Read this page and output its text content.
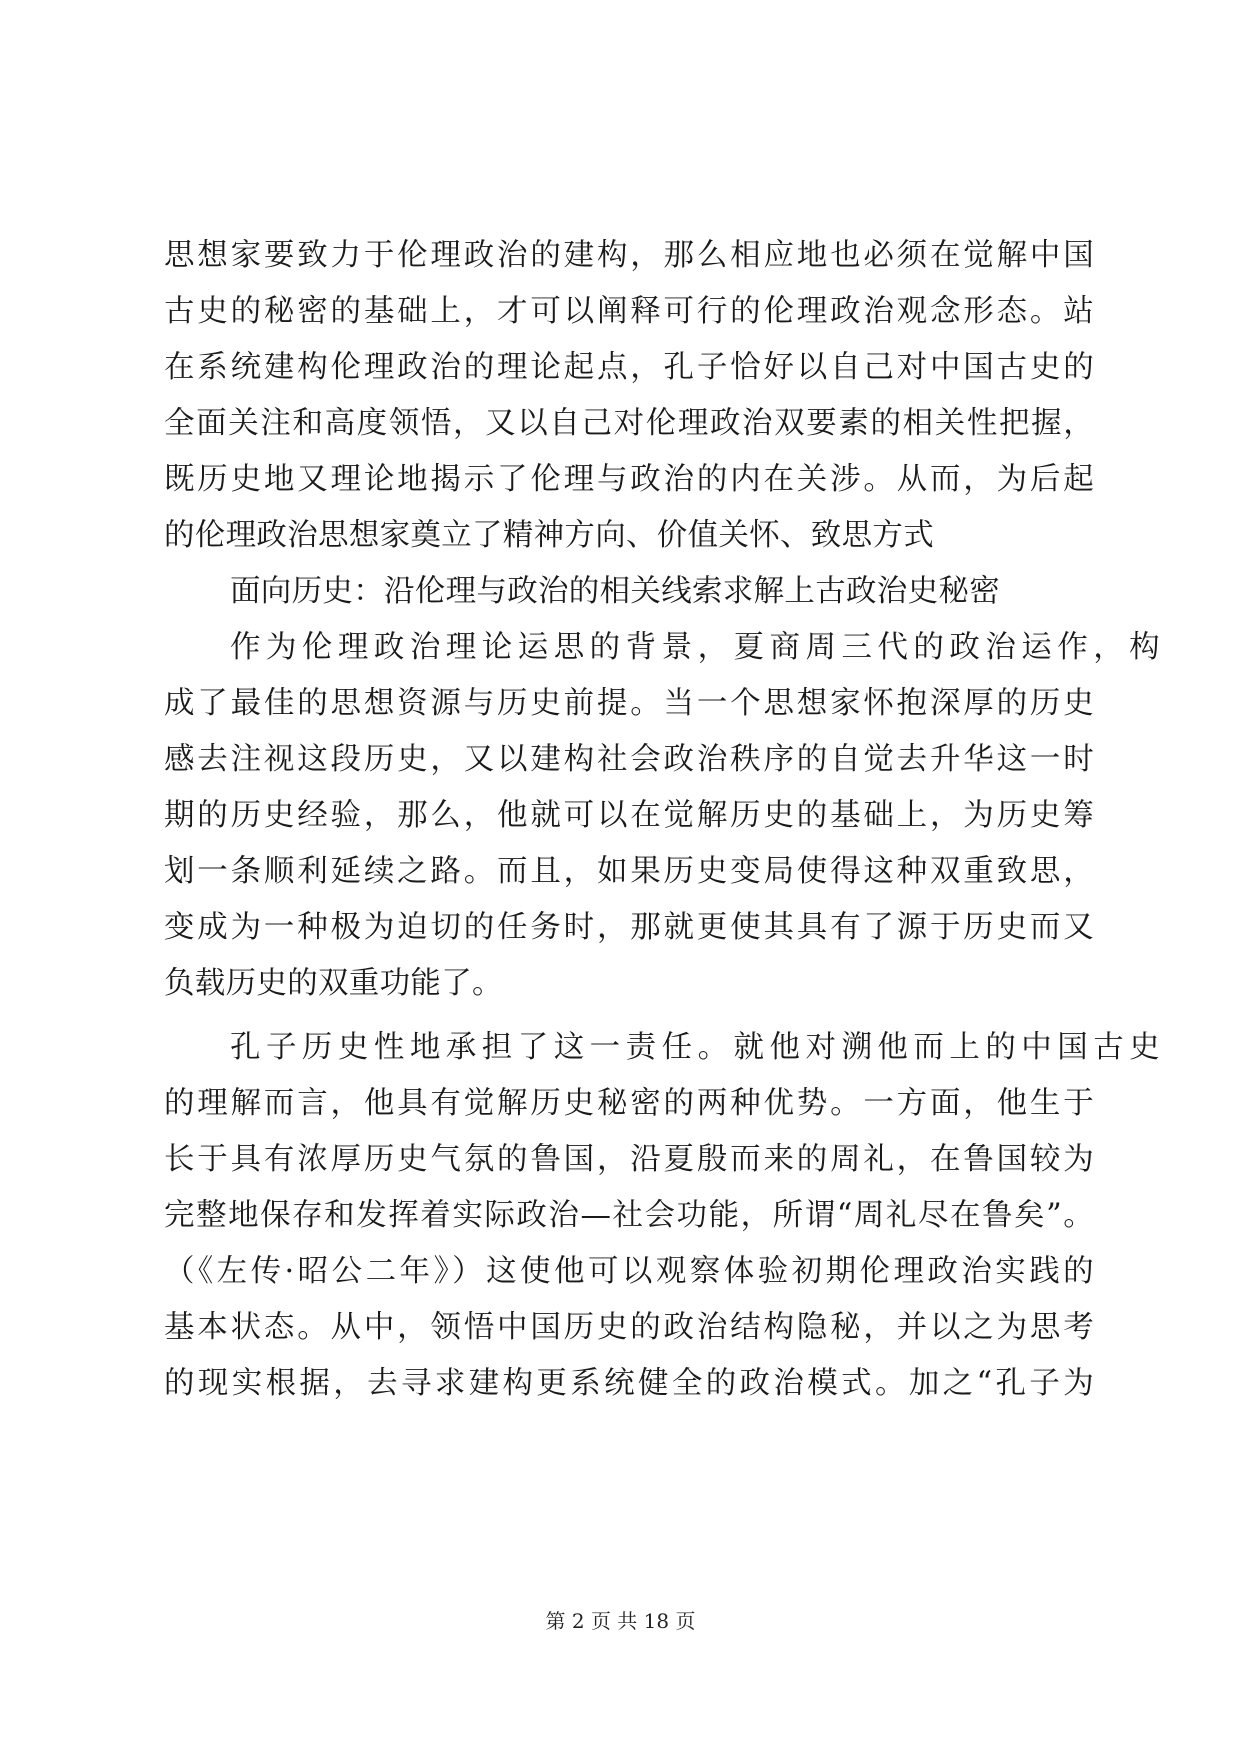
思想家要致力于伦理政治的建构，那么相应地也必须在觉解中国
古史的秘密的基础上，才可以阐释可行的伦理政治观念形态。站
在系统建构伦理政治的理论起点，孔子恰好以自己对中国古史的
全面关注和高度领悟，又以自己对伦理政治双要素的相关性把握，
既历史地又理论地揭示了伦理与政治的内在关涉。从而，为后起
的伦理政治思想家奠立了精神方向、价值关怀、致思方式
面向历史：沿伦理与政治的相关线索求解上古政治史秘密
作为伦理政治理论运思的背景，夏商周三代的政治运作，构
成了最佳的思想资源与历史前提。当一个思想家怀抱深厚的历史
感去注视这段历史，又以建构社会政治秩序的自觉去升华这一时
期的历史经验，那么，他就可以在觉解历史的基础上，为历史筹
划一条顺利延续之路。而且，如果历史变局使得这种双重致思，
变成为一种极为迫切的任务时，那就更使其具有了源于历史而又
负载历史的双重功能了。
孔子历史性地承担了这一责任。就他对溯他而上的中国古史
的理解而言，他具有觉解历史秘密的两种优势。一方面，他生于
长于具有浓厚历史气氛的鲁国，沿夏殷而来的周礼，在鲁国较为
完整地保存和发挥着实际政治—社会功能，所谓“周礼尽在鲁矣”。
（《左传·昭公二年》）这使他可以观察体验初期伦理政治实践的
基本状态。从中，领悟中国历史的政治结构隐秘，并以之为思考
的现实根据，去寻求建构更系统健全的政治模式。加之“孔子为
第 2 页 共 18 页
